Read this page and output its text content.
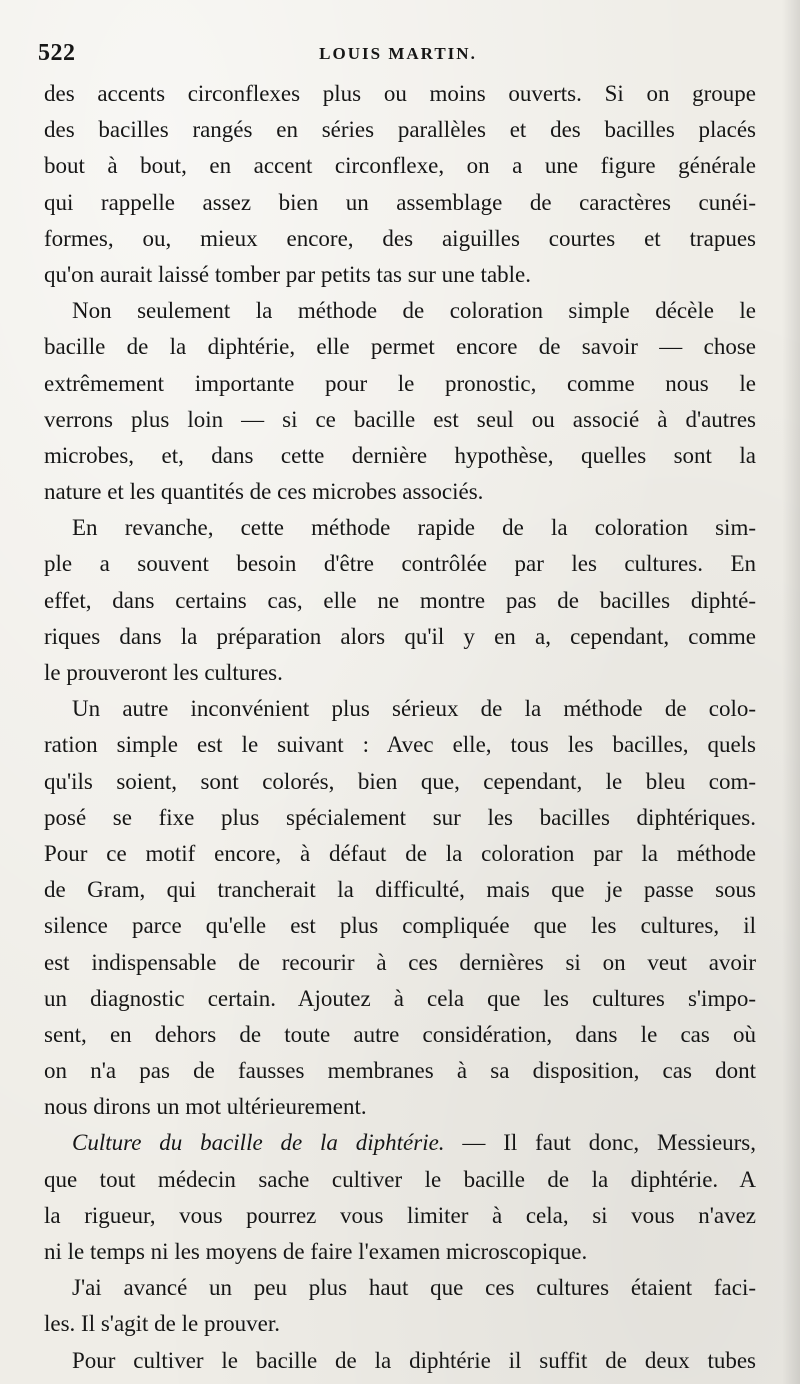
522	LOUIS MARTIN.
des accents circonflexes plus ou moins ouverts. Si on groupe
des bacilles rangés en séries parallèles et des bacilles placés
bout à bout, en accent circonflexe, on a une figure générale
qui rappelle assez bien un assemblage de caractères cunéi-
formes, ou, mieux encore, des aiguilles courtes et trapues
qu'on aurait laissé tomber par petits tas sur une table.
Non seulement la méthode de coloration simple décèle le
bacille de la diphtérie, elle permet encore de savoir — chose
extrêmement importante pour le pronostic, comme nous le
verrons plus loin — si ce bacille est seul ou associé à d'autres
microbes, et, dans cette dernière hypothèse, quelles sont la
nature et les quantités de ces microbes associés.
En revanche, cette méthode rapide de la coloration sim-
ple a souvent besoin d'être contrôlée par les cultures. En
effet, dans certains cas, elle ne montre pas de bacilles diphté-
riques dans la préparation alors qu'il y en a, cependant, comme
le prouveront les cultures.
Un autre inconvénient plus sérieux de la méthode de colo-
ration simple est le suivant : Avec elle, tous les bacilles, quels
qu'ils soient, sont colorés, bien que, cependant, le bleu com-
posé se fixe plus spécialement sur les bacilles diphtériques.
Pour ce motif encore, à défaut de la coloration par la méthode
de Gram, qui trancherait la difficulté, mais que je passe sous
silence parce qu'elle est plus compliquée que les cultures, il
est indispensable de recourir à ces dernières si on veut avoir
un diagnostic certain. Ajoutez à cela que les cultures s'impo-
sent, en dehors de toute autre considération, dans le cas où
on n'a pas de fausses membranes à sa disposition, cas dont
nous dirons un mot ultérieurement.
Culture du bacille de la diphtérie. — Il faut donc, Messieurs,
que tout médecin sache cultiver le bacille de la diphtérie. A
la rigueur, vous pourrez vous limiter à cela, si vous n'avez
ni le temps ni les moyens de faire l'examen microscopique.
J'ai avancé un peu plus haut que ces cultures étaient faci-
les. Il s'agit de le prouver.
Pour cultiver le bacille de la diphtérie il suffit de deux tubes
